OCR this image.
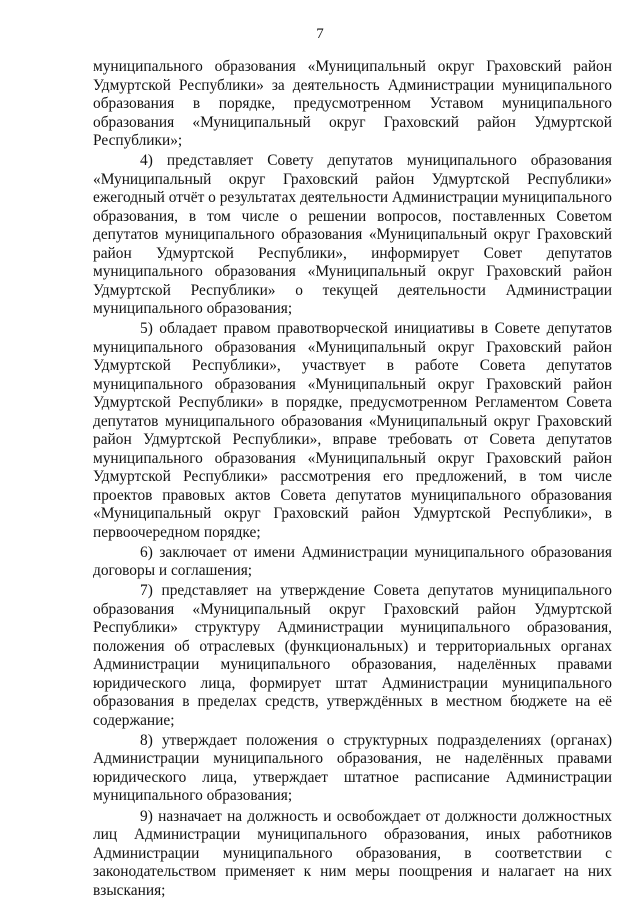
7

муниципального образования «Муниципальный округ Граховский район Удмуртской Республики» за деятельность Администрации муниципального образования в порядке, предусмотренном Уставом муниципального образования «Муниципальный округ Граховский район Удмуртской Республики»;

4) представляет Совету депутатов муниципального образования «Муниципальный округ Граховский район Удмуртской Республики» ежегодный отчёт о результатах деятельности Администрации муниципального образования, в том числе о решении вопросов, поставленных Советом депутатов муниципального образования «Муниципальный округ Граховский район Удмуртской Республики», информирует Совет депутатов муниципального образования «Муниципальный округ Граховский район Удмуртской Республики» о текущей деятельности Администрации муниципального образования;

5) обладает правом правотворческой инициативы в Совете депутатов муниципального образования «Муниципальный округ Граховский район Удмуртской Республики», участвует в работе Совета депутатов муниципального образования «Муниципальный округ Граховский район Удмуртской Республики» в порядке, предусмотренном Регламентом Совета депутатов муниципального образования «Муниципальный округ Граховский район Удмуртской Республики», вправе требовать от Совета депутатов муниципального образования «Муниципальный округ Граховский район Удмуртской Республики» рассмотрения его предложений, в том числе проектов правовых актов Совета депутатов муниципального образования «Муниципальный округ Граховский район Удмуртской Республики», в первоочередном порядке;

6) заключает от имени Администрации муниципального образования договоры и соглашения;

7) представляет на утверждение Совета депутатов муниципального образования «Муниципальный округ Граховский район Удмуртской Республики» структуру Администрации муниципального образования, положения об отраслевых (функциональных) и территориальных органах Администрации муниципального образования, наделённых правами юридического лица, формирует штат Администрации муниципального образования в пределах средств, утверждённых в местном бюджете на её содержание;

8) утверждает положения о структурных подразделениях (органах) Администрации муниципального образования, не наделённых правами юридического лица, утверждает штатное расписание Администрации муниципального образования;

9) назначает на должность и освобождает от должности должностных лиц Администрации муниципального образования, иных работников Администрации муниципального образования, в соответствии с законодательством применяет к ним меры поощрения и налагает на них взыскания;
